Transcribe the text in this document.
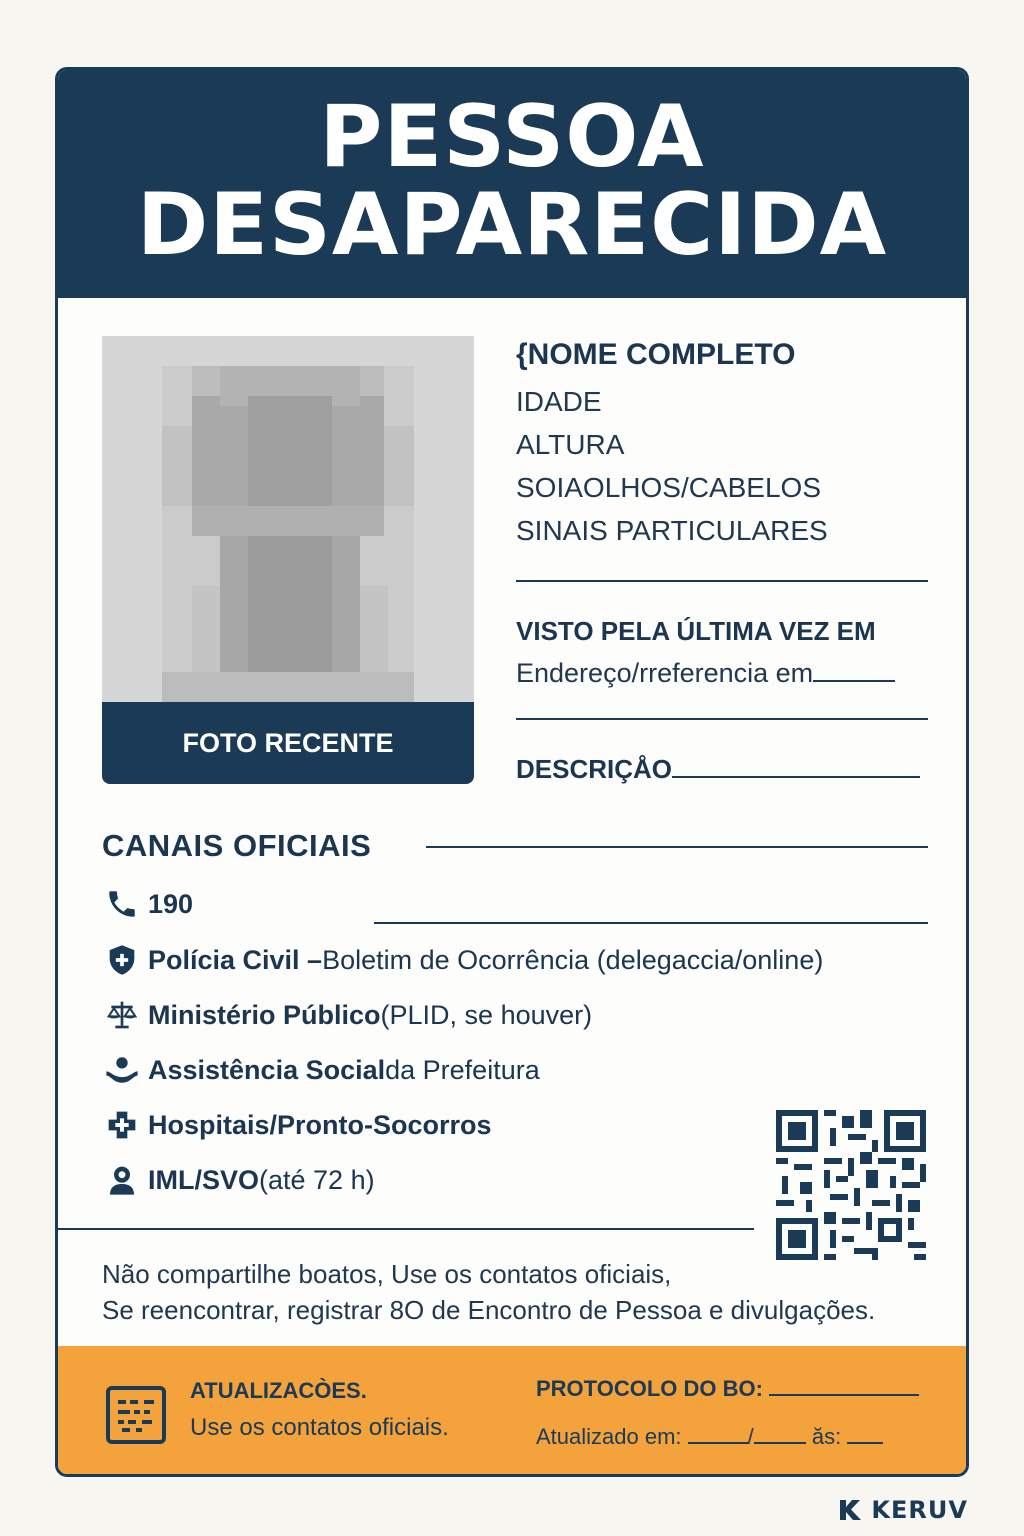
PESSOA
DESAPARECIDA
FOTO RECENTE
{NOME COMPLETO
IDADE
ALTURA
SOIAOLHOS/CABELOS
SINAIS PARTICULARES
VISTO PELA ÚLTIMA VEZ EM
Endereço/rreferencia em
DESCRIÇÅO
CANAIS OFICIAIS
190
Polícia Civil – Boletim de Ocorrência (delegaccia/online)
Ministério Público (PLID, se houver)
Assistência Social da Prefeitura
Hospitais/Pronto-Socorros
IML/SVO (até 72 h)
Não compartilhe boatos, Use os contatos oficiais,
Se reencontrar, registrar 8O de Encontro de Pessoa e divulgações.
ATUALIZACÒES.
Use os contatos oficiais.
PROTOCOLO DO BO:
Atualizado em:	/	ăs:
KERUV
